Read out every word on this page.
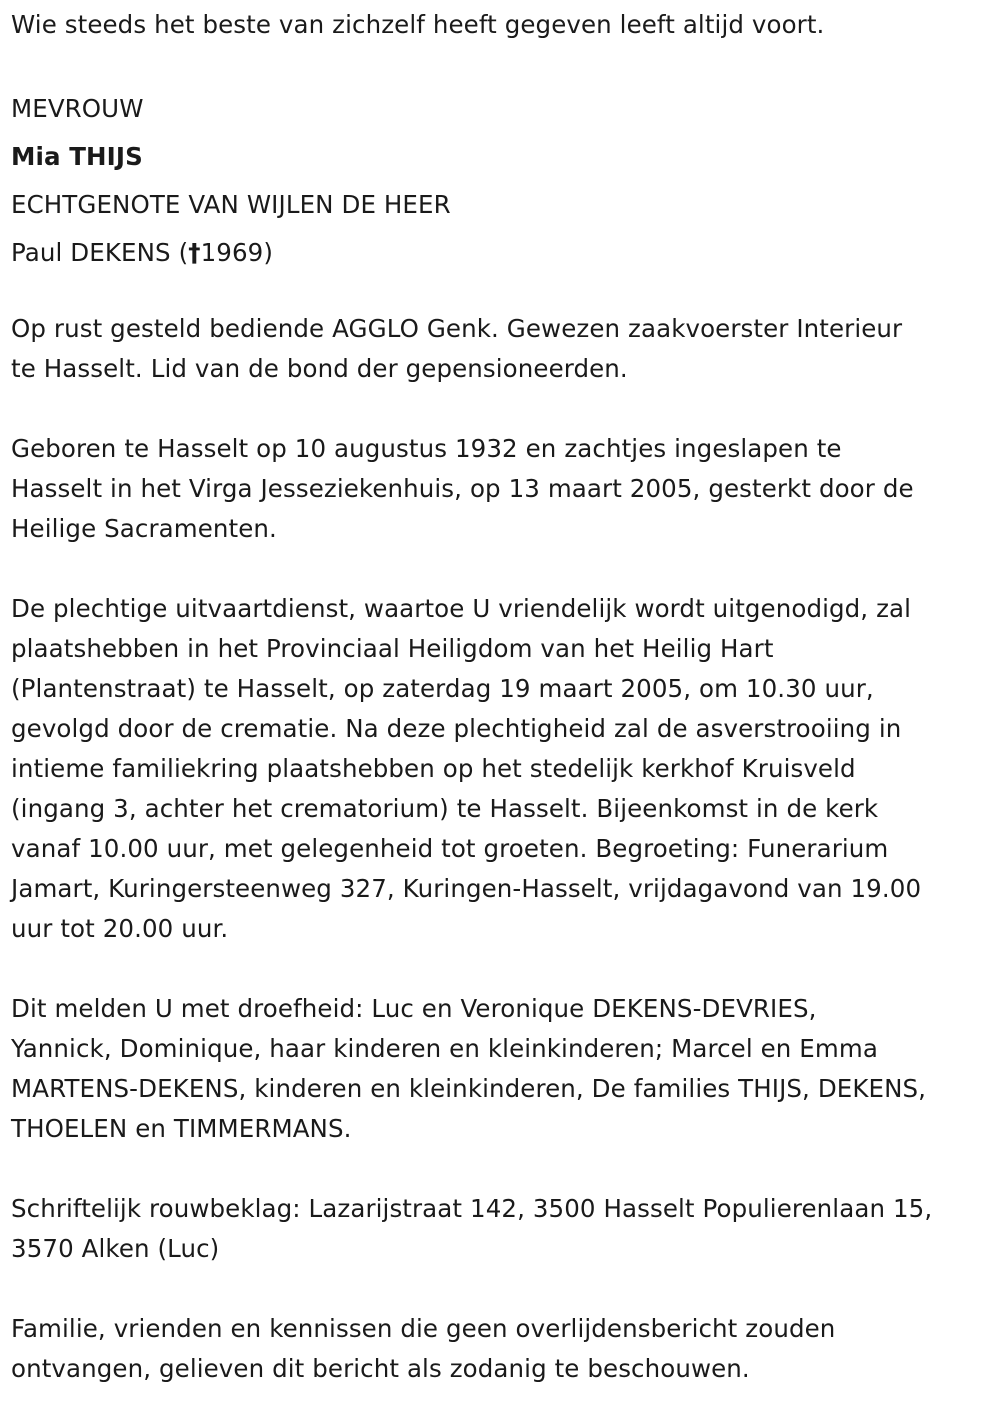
Wie steeds het beste van zichzelf heeft gegeven leeft altijd voort.

MEVROUW

Mia THIJS

ECHTGENOTE VAN WIJLEN DE HEER

Paul DEKENS (†1969)

Op rust gesteld bediende AGGLO Genk. Gewezen zaakvoerster Interieur

te Hasselt. Lid van de bond der gepensioneerden.

Geboren te Hasselt op 10 augustus 1932 en zachtjes ingeslapen te

Hasselt in het Virga Jesseziekenhuis, op 13 maart 2005, gesterkt door de

Heilige Sacramenten.

De plechtige uitvaartdienst, waartoe U vriendelijk wordt uitgenodigd, zal

plaatshebben in het Provinciaal Heiligdom van het Heilig Hart

(Plantenstraat) te Hasselt, op zaterdag 19 maart 2005, om 10.30 uur,

gevolgd door de crematie. Na deze plechtigheid zal de asverstrooiing in

intieme familiekring plaatshebben op het stedelijk kerkhof Kruisveld

(ingang 3, achter het crematorium) te Hasselt. Bijeenkomst in de kerk

vanaf 10.00 uur, met gelegenheid tot groeten. Begroeting: Funerarium

Jamart, Kuringersteenweg 327, Kuringen-Hasselt, vrijdagavond van 19.00

uur tot 20.00 uur.

Dit melden U met droefheid: Luc en Veronique DEKENS-DEVRIES,

Yannick, Dominique, haar kinderen en kleinkinderen; Marcel en Emma

MARTENS-DEKENS, kinderen en kleinkinderen, De families THIJS, DEKENS,

THOELEN en TIMMERMANS.

Schriftelijk rouwbeklag: Lazarijstraat 142, 3500 Hasselt Populierenlaan 15,

3570 Alken (Luc)

Familie, vrienden en kennissen die geen overlijdensbericht zouden

ontvangen, gelieven dit bericht als zodanig te beschouwen.
